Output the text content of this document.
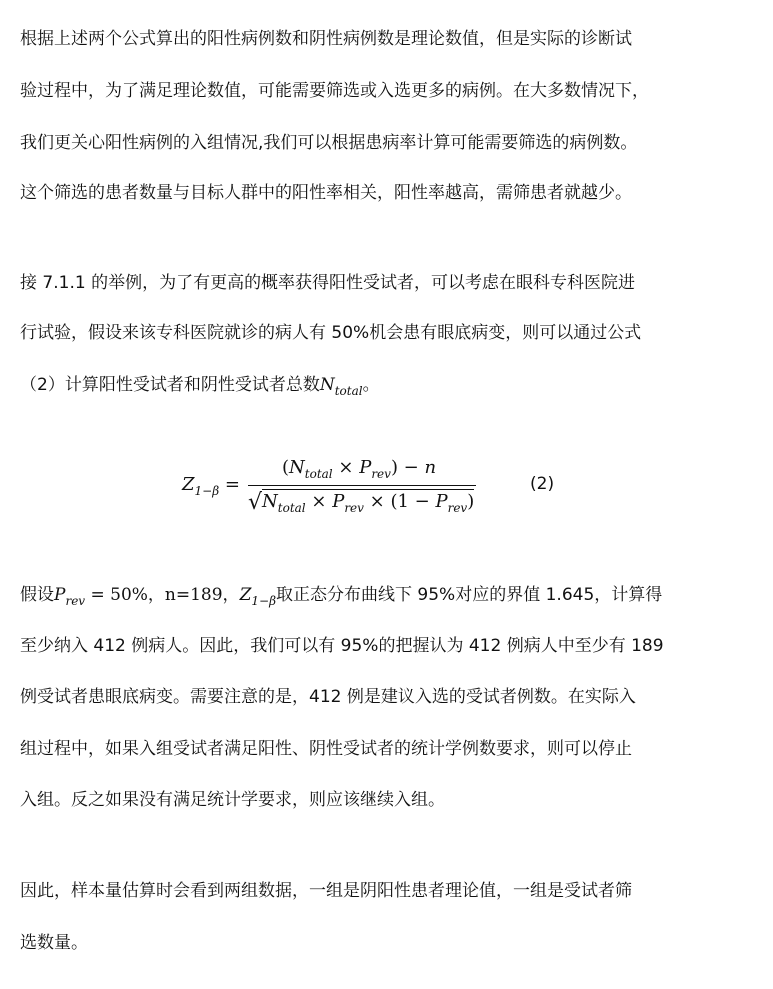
根据上述两个公式算出的阳性病例数和阴性病例数是理论数值，但是实际的诊断试
验过程中，为了满足理论数值，可能需要筛选或入选更多的病例。在大多数情况下，
我们更关心阳性病例的入组情况,我们可以根据患病率计算可能需要筛选的病例数。
这个筛选的患者数量与目标人群中的阳性率相关，阳性率越高，需筛患者就越少。
接 7.1.1 的举例，为了有更高的概率获得阳性受试者，可以考虑在眼科专科医院进
行试验，假设来该专科医院就诊的病人有 50%机会患有眼底病变，则可以通过公式
（2）计算阳性受试者和阴性受试者总数$N_{total}$。
$Z_{1-\beta}$ =
$(N_{total} \times P_{rev}) - n$
$√N_{total} \times P_{rev} \times (1 - P_{rev})$
(2)
假设$P_{rev} = 50\%$，n=189，$Z_{1-\beta}$取正态分布曲线下 95%对应的界值 1.645，计算得
至少纳入 412 例病人。因此，我们可以有 95%的把握认为 412 例病人中至少有 189
例受试者患眼底病变。需要注意的是，412 例是建议入选的受试者例数。在实际入
组过程中，如果入组受试者满足阳性、阴性受试者的统计学例数要求，则可以停止
入组。反之如果没有满足统计学要求，则应该继续入组。
因此，样本量估算时会看到两组数据，一组是阴阳性患者理论值，一组是受试者筛
选数量。
